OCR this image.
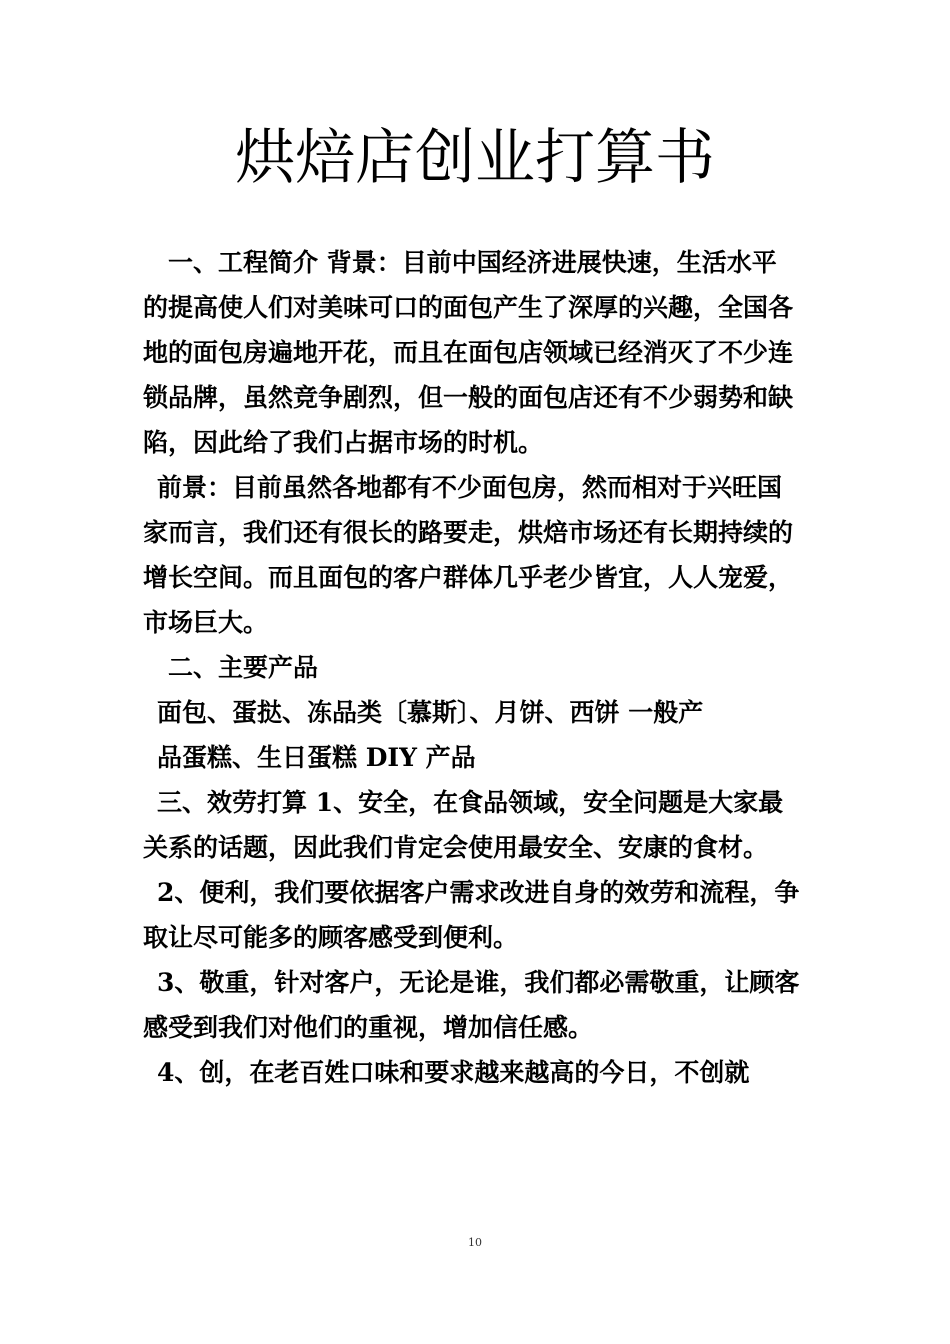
烘焙店创业打算书
一、工程简介 背景：目前中国经济进展快速，生活水平
的提高使人们对美味可口的面包产生了深厚的兴趣，全国各
地的面包房遍地开花，而且在面包店领域已经消灭了不少连
锁品牌，虽然竞争剧烈，但一般的面包店还有不少弱势和缺
陷，因此给了我们占据市场的时机。
前景：目前虽然各地都有不少面包房，然而相对于兴旺国
家而言，我们还有很长的路要走，烘焙市场还有长期持续的
增长空间。而且面包的客户群体几乎老少皆宜，人人宠爱，
市场巨大。
二、主要产品
面包、蛋挞、冻品类〔慕斯〕、月饼、西饼 一般产
品蛋糕、生日蛋糕 DIY 产品
三、效劳打算 1、安全，在食品领域，安全问题是大家最
关系的话题，因此我们肯定会使用最安全、安康的食材。
2、便利，我们要依据客户需求改进自身的效劳和流程，争
取让尽可能多的顾客感受到便利。
3、敬重，针对客户，无论是谁，我们都必需敬重，让顾客
感受到我们对他们的重视，增加信任感。
4、创，在老百姓口味和要求越来越高的今日，不创就
10
